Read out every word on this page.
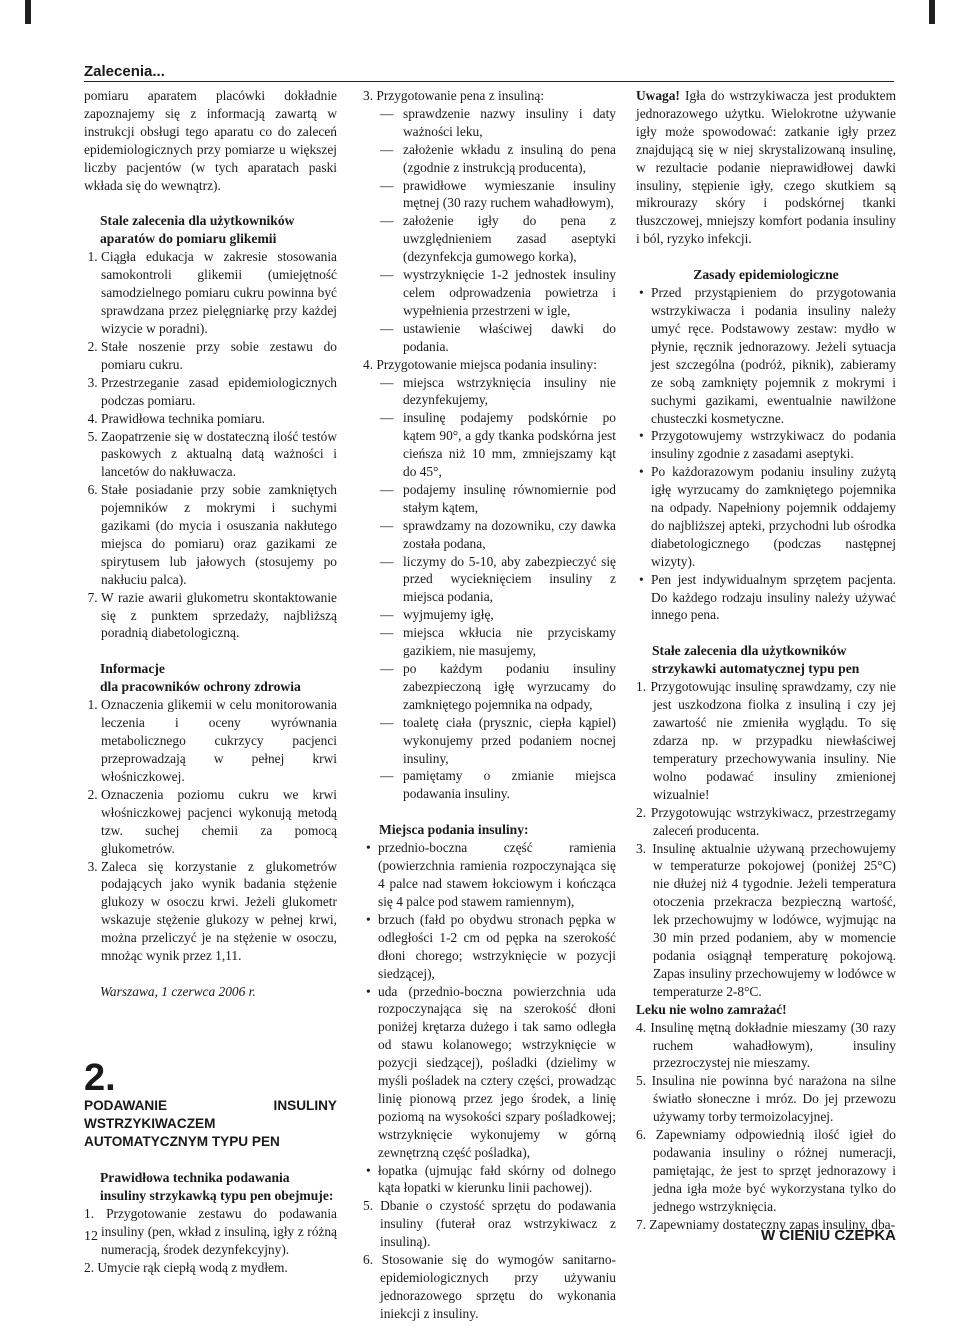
Zalecenia...

pomiaru aparatem placówki dokładnie zapoznajemy się z informacją zawartą w instrukcji obsługi tego aparatu co do zaleceń epidemiologicznych przy pomiarze u większej liczby pacjentów (w tych aparatach paski wkłada się do wewnątrz).

Stale zalecenia dla użytkowników aparatów do pomiaru glikemii
1. Ciągła edukacja w zakresie stosowania samokontroli glikemii (umiejętność samodzielnego pomiaru cukru powinna być sprawdzana przez pielęgniarkę przy każdej wizycie w poradni).
2. Stałe noszenie przy sobie zestawu do pomiaru cukru.
3. Przestrzeganie zasad epidemiologicznych podczas pomiaru.
4. Prawidłowa technika pomiaru.
5. Zaopatrzenie się w dostateczną ilość testów paskowych z aktualną datą ważności i lancetów do nakłuwacza.
6. Stałe posiadanie przy sobie zamkniętych pojemników z mokrymi i suchymi gazikami (do mycia i osuszania nakłutego miejsca do pomiaru) oraz gazikami ze spirytusem lub jałowych (stosujemy po nakłuciu palca).
7. W razie awarii glukometru skontaktowanie się z punktem sprzedaży, najbliższą poradnią diabetologiczną.
Informacje
dla pracowników ochrony zdrowia
1. Oznaczenia glikemii w celu monitorowania leczenia i oceny wyrównania metabolicznego cukrzycy pacjenci przeprowadzają w pełnej krwi włośniczkowej.
2. Oznaczenia poziomu cukru we krwi włośniczkowej pacjenci wykonują metodą tzw. suchej chemii za pomocą glukometrów.
3. Zaleca się korzystanie z glukometrów podających jako wynik badania stężenie glukozy w osoczu krwi. Jeżeli glukometr wskazuje stężenie glukozy w pełnej krwi, można przeliczyć je na stężenie w osoczu, mnożąc wynik przez 1,11.

Warszawa, 1 czerwca 2006 r.

2.

PODAWANIE INSULINY WSTRZYKIWACZEM AUTOMATYCZNYM TYPU PEN

Prawidłowa technika podawania insuliny strzykawką typu pen obejmuje:

1. Przygotowanie zestawu do podawania insuliny (pen, wkład z insuliną, igły z różną numeracją, środek dezynfekcyjny).

2. Umycie rąk ciepłą wodą z mydłem.

3. Przygotowanie pena z insuliną:

— sprawdzenie nazwy insuliny i daty ważności leku,
— założenie wkładu z insuliną do pena (zgodnie z instrukcją producenta),
— prawidłowe wymieszanie insuliny mętnej (30 razy ruchem wahadłowym),
— założenie igły do pena z uwzględnieniem zasad aseptyki (dezynfekcja gumowego korka),
— wystrzyknięcie 1-2 jednostek insuliny celem odprowadzenia powietrza i wypełnienia przestrzeni w igle,
— ustawienie właściwej dawki do podania.

4. Przygotowanie miejsca podania insuliny:

— miejsca wstrzyknięcia insuliny nie dezynfekujemy,
— insulinę podajemy podskórnie po kątem 90°, a gdy tkanka podskórna jest cieńsza niż 10 mm, zmniejszamy kąt do 45°,
— podajemy insulinę równomiernie pod stałym kątem,
— sprawdzamy na dozowniku, czy dawka została podana,
— liczymy do 5-10, aby zabezpieczyć się przed wycieknięciem insuliny z miejsca podania,
— wyjmujemy igłę,
— miejsca wkłucia nie przyciskamy gazikiem, nie masujemy,
— po każdym podaniu insuliny zabezpieczoną igłę wyrzucamy do zamkniętego pojemnika na odpady,
— toaletę ciała (prysznic, ciepła kąpiel) wykonujemy przed podaniem nocnej insuliny,
— pamiętamy o zmianie miejsca podawania insuliny.
Miejsca podania insuliny:
• przednio-boczna część ramienia (powierzchnia ramienia rozpoczynająca się 4 palce nad stawem łokciowym i kończąca się 4 palce pod stawem ramiennym),
• brzuch (fałd po obydwu stronach pępka w odległości 1-2 cm od pępka na szerokość dłoni chorego; wstrzyknięcie w pozycji siedzącej),
• uda (przednio-boczna powierzchnia uda rozpoczynająca się na szerokość dłoni poniżej krętarza dużego i tak samo odległa od stawu kolanowego; wstrzyknięcie w pozycji siedzącej), pośladki (dzielimy w myśli pośladek na cztery części, prowadząc linię pionową przez jego środek, a linię poziomą na wysokości szpary pośladkowej; wstrzyknięcie wykonujemy w górną zewnętrzną część pośladka),
• łopatka (ujmując fałd skórny od dolnego kąta łopatki w kierunku linii pachowej).

5. Dbanie o czystość sprzętu do podawania insuliny (futerał oraz wstrzykiwacz z insuliną).

6. Stosowanie się do wymogów sanitarno-epidemiologicznych przy używaniu jednorazowego sprzętu do wykonania iniekcji z insuliny.

Uwaga! Igła do wstrzykiwacza jest produktem jednorazowego użytku. Wielokrotne używanie igły może spowodować: zatkanie igły przez znajdującą się w niej skrystalizowaną insulinę, w rezultacie podanie nieprawidłowej dawki insuliny, stępienie igły, czego skutkiem są mikrourazy skóry i podskórnej tkanki tłuszczowej, mniejszy komfort podania insuliny i ból, ryzyko infekcji.

Zasady epidemiologiczne
• Przed przystąpieniem do przygotowania wstrzykiwacza i podania insuliny należy umyć ręce. Podstawowy zestaw: mydło w płynie, ręcznik jednorazowy. Jeżeli sytuacja jest szczególna (podróż, piknik), zabieramy ze sobą zamknięty pojemnik z mokrymi i suchymi gazikami, ewentualnie nawilżone chusteczki kosmetyczne.
• Przygotowujemy wstrzykiwacz do podania insuliny zgodnie z zasadami aseptyki.
• Po każdorazowym podaniu insuliny zużytą igłę wyrzucamy do zamkniętego pojemnika na odpady. Napełniony pojemnik oddajemy do najbliższej apteki, przychodni lub ośrodka diabetologicznego (podczas następnej wizyty).
• Pen jest indywidualnym sprzętem pacjenta. Do każdego rodzaju insuliny należy używać innego pena.
Stałe zalecenia dla użytkowników
strzykawki automatycznej typu pen

1. Przygotowując insulinę sprawdzamy, czy nie jest uszkodzona fiolka z insuliną i czy jej zawartość nie zmieniła wyglądu. To się zdarza np. w przypadku niewłaściwej temperatury przechowywania insuliny. Nie wolno podawać insuliny zmienionej wizualnie!

2. Przygotowując wstrzykiwacz, przestrzegamy zaleceń producenta.

3. Insulinę aktualnie używaną przechowujemy w temperaturze pokojowej (poniżej 25°C) nie dłużej niż 4 tygodnie. Jeżeli temperatura otoczenia przekracza bezpieczną wartość, lek przechowujmy w lodówce, wyjmując na 30 min przed podaniem, aby w momencie podania osiągnął temperaturę pokojową. Zapas insuliny przechowujemy w lodówce w temperaturze 2-8°C.

Leku nie wolno zamrażać!

4. Insulinę mętną dokładnie mieszamy (30 razy ruchem wahadłowym), insuliny przezroczystej nie mieszamy.

5. Insulina nie powinna być narażona na silne światło słoneczne i mróz. Do jej przewozu używamy torby termoizolacyjnej.

6. Zapewniamy odpowiednią ilość igieł do podawania insuliny o różnej numeracji, pamiętając, że jest to sprzęt jednorazowy i jedna igła może być wykorzystana tylko do jednego wstrzyknięcia.

7. Zapewniamy dostateczny zapas insuliny, dba-

12	W CIENIU CZEPKA
